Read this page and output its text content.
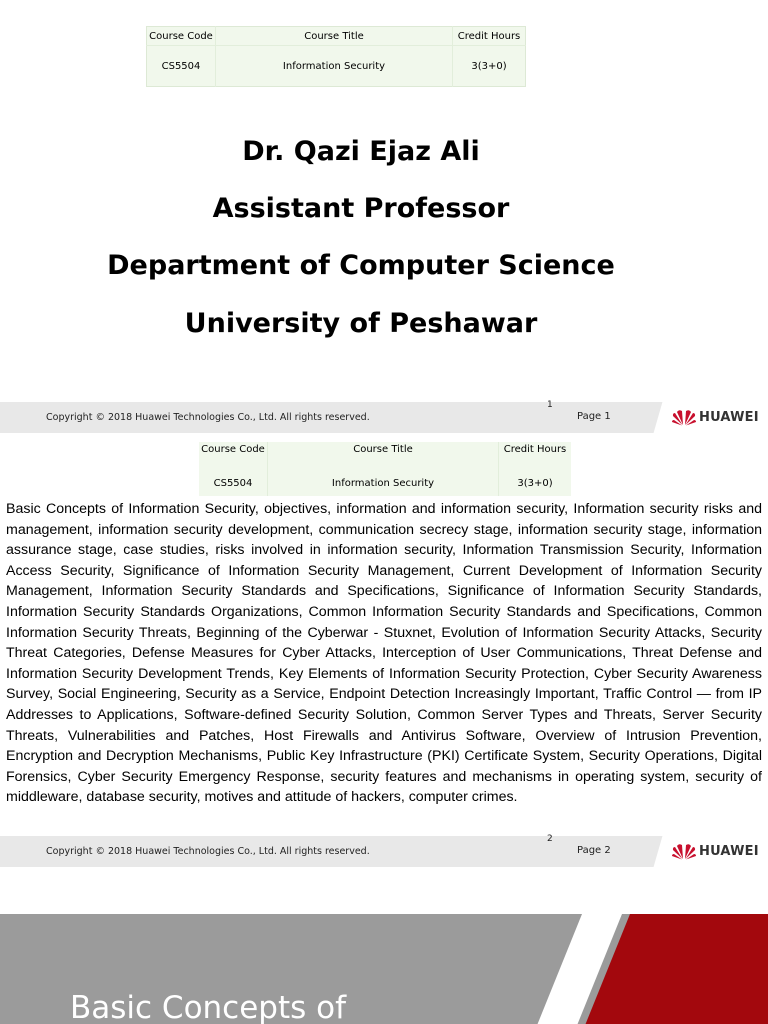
Course Code	Course Title	Credit Hours
CS5504	Information Security	3(3+0)
Dr. Qazi Ejaz Ali
Assistant Professor
Department of Computer Science
University of Peshawar
Copyright © 2018 Huawei Technologies Co., Ltd. All rights reserved.
1
Page 1	HUAWEI
Course Code	Course Title	Credit Hours
CS5504	Information Security	3(3+0)

Basic Concepts of Information Security, objectives, information and information security, Information security risks and management, information security development, communication secrecy stage, information security stage, information assurance stage, case studies, risks involved in information security, Information Transmission Security, Information Access Security, Significance of Information Security Management, Current Development of Information Security Management, Information Security Standards and Specifications, Significance of Information Security Standards, Information Security Standards Organizations, Common Information Security Standards and Specifications, Common Information Security Threats, Beginning of the Cyberwar - Stuxnet, Evolution of Information Security Attacks, Security Threat Categories, Defense Measures for Cyber Attacks, Interception of User Communications, Threat Defense and Information Security Development Trends, Key Elements of Information Security Protection, Cyber Security Awareness Survey, Social Engineering, Security as a Service, Endpoint Detection Increasingly Important, Traffic Control — from IP Addresses to Applications, Software-defined Security Solution, Common Server Types and Threats, Server Security Threats, Vulnerabilities and Patches, Host Firewalls and Antivirus Software, Overview of Intrusion Prevention, Encryption and Decryption Mechanisms, Public Key Infrastructure (PKI) Certificate System, Security Operations, Digital Forensics, Cyber Security Emergency Response, security features and mechanisms in operating system, security of middleware, database security, motives and attitude of hackers, computer crimes.

Copyright © 2018 Huawei Technologies Co., Ltd. All rights reserved.
2
Page 2	HUAWEI
Basic Concepts of
